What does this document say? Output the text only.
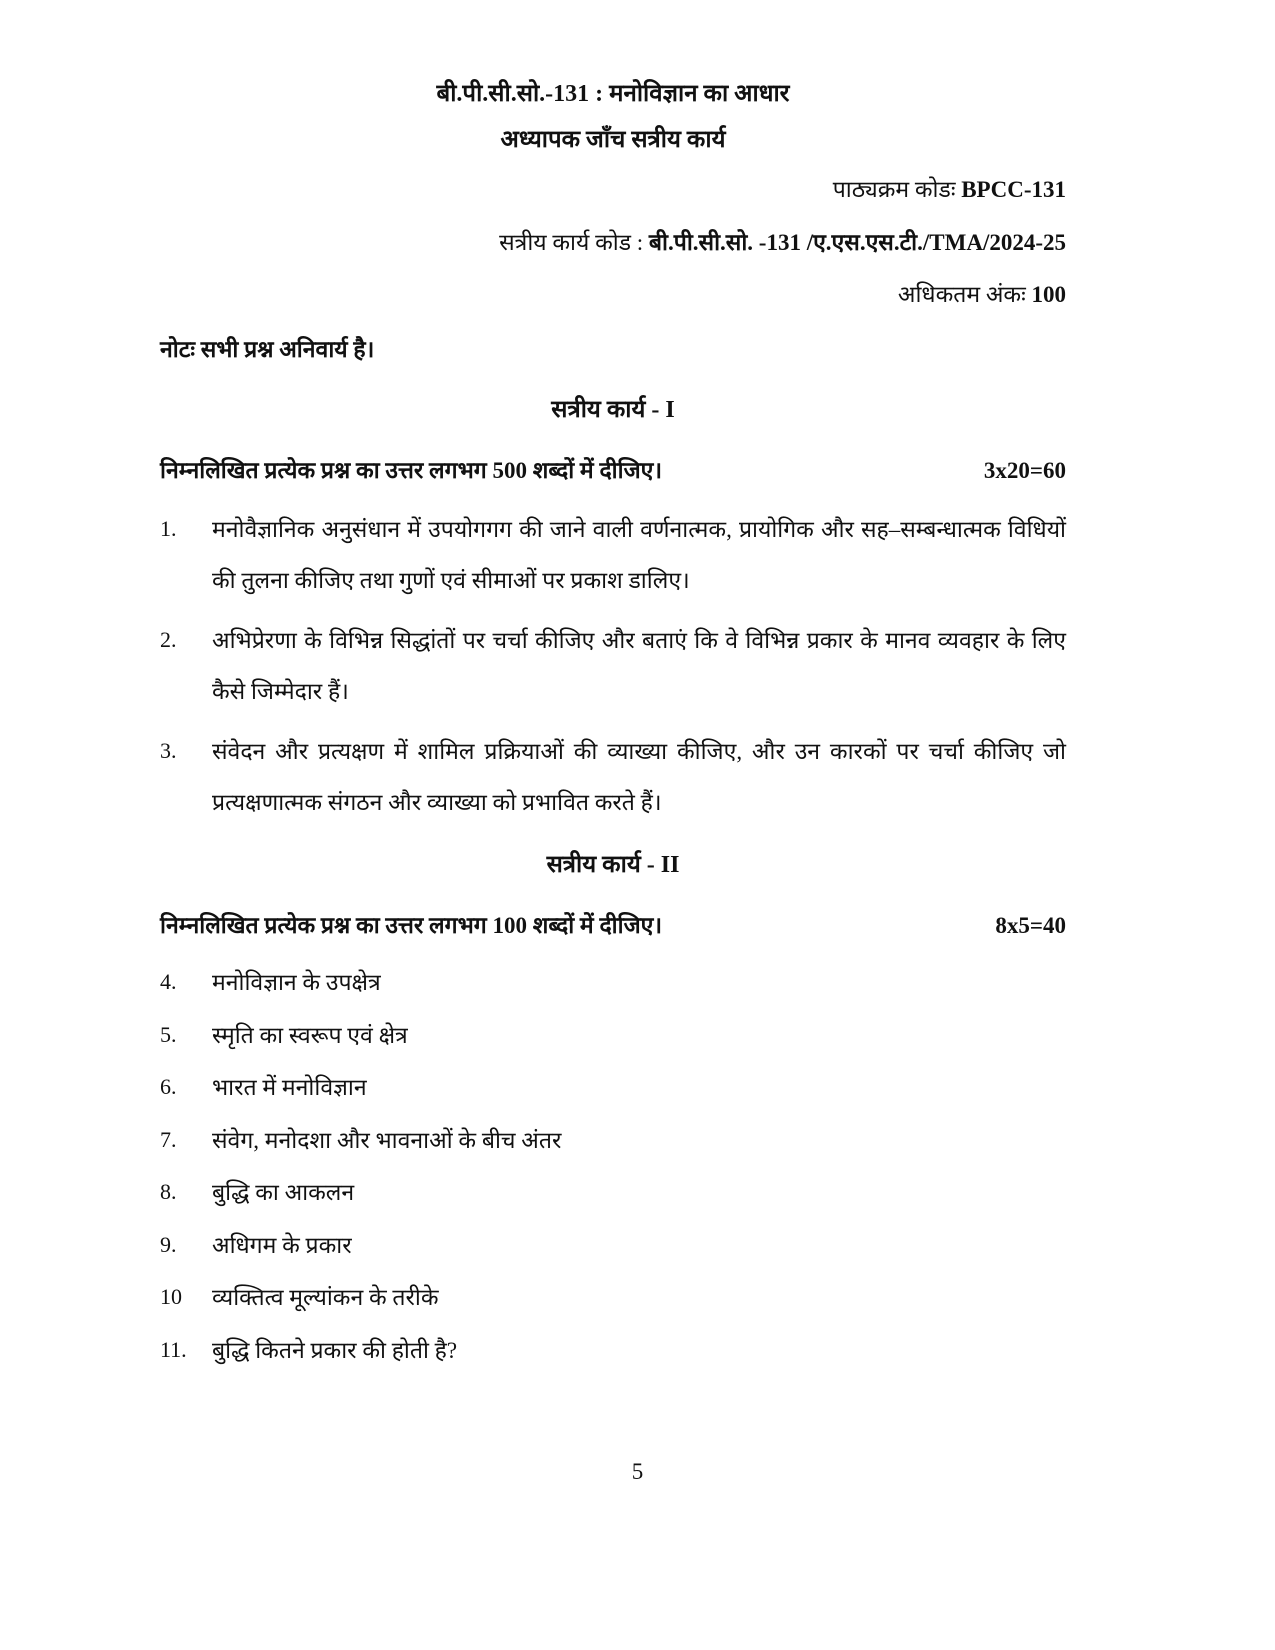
बी.पी.सी.सो.-131 : मनोविज्ञान का आधार
अध्यापक जाँच सत्रीय कार्य
पाठ्यक्रम कोडः BPCC-131
सत्रीय कार्य कोड : बी.पी.सी.सो. -131 /ए.एस.एस.टी./TMA/2024-25
अधिकतम अंकः 100
नोटः सभी प्रश्न अनिवार्य है।
सत्रीय कार्य - I
निम्नलिखित प्रत्येक प्रश्न का उत्तर लगभग 500 शब्दों में दीजिए।	3x20=60
1.	मनोवैज्ञानिक अनुसंधान में उपयोगगग की जाने वाली वर्णनात्मक, प्रायोगिक और सह–सम्बन्धात्मक विधियों की तुलना कीजिए तथा गुणों एवं सीमाओं पर प्रकाश डालिए।
2.	अभिप्रेरणा के विभिन्न सिद्धांतों पर चर्चा कीजिए और बताएं कि वे विभिन्न प्रकार के मानव व्यवहार के लिए कैसे जिम्मेदार हैं।
3.	संवेदन और प्रत्यक्षण में शामिल प्रक्रियाओं की व्याख्या कीजिए, और उन कारकों पर चर्चा कीजिए जो प्रत्यक्षणात्मक संगठन और व्याख्या को प्रभावित करते हैं।
सत्रीय कार्य - II
निम्नलिखित प्रत्येक प्रश्न का उत्तर लगभग 100 शब्दों में दीजिए।	8x5=40
4.	मनोविज्ञान के उपक्षेत्र
5.	स्मृति का स्वरूप एवं क्षेत्र
6.	भारत में मनोविज्ञान
7.	संवेग, मनोदशा और भावनाओं के बीच अंतर
8.	बुद्धि का आकलन
9.	अधिगम के प्रकार
10	व्यक्तित्व मूल्यांकन के तरीके
11.	बुद्धि कितने प्रकार की होती है?
5
